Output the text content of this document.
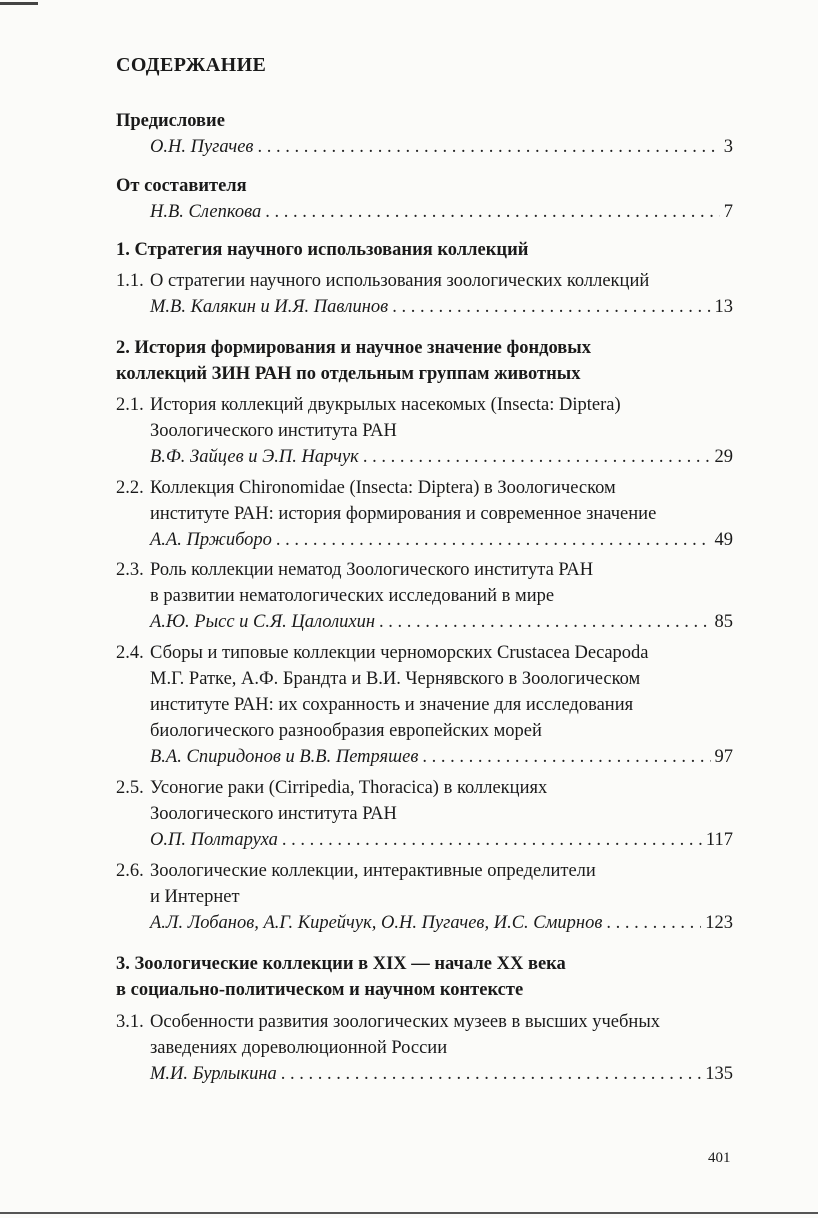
СОДЕРЖАНИЕ
Предисловие
О.Н. Пугачев . . .	3
От составителя
Н.В. Слепкова . . .	7
1. Стратегия научного использования коллекций
1.1. О стратегии научного использования зоологических коллекций
М.В. Калякин и И.Я. Павлинов . . .	13
2. История формирования и научное значение фондовых
коллекций ЗИН РАН по отдельным группам животных
2.1. История коллекций двукрылых насекомых (Insecta: Diptera)
Зоологического института РАН
В.Ф. Зайцев и Э.П. Нарчук . . .	29
2.2. Коллекция Chironomidae (Insecta: Diptera) в Зоологическом
институте РАН: история формирования и современное значение
А.А. Пржиборо . . .	49
2.3. Роль коллекции нематод Зоологического института РАН
в развитии нематологических исследований в мире
А.Ю. Рысс и С.Я. Цалолихин . . .	85
2.4. Сборы и типовые коллекции черноморских Crustacea Decapoda
М.Г. Ратке, А.Ф. Брандта и В.И. Чернявского в Зоологическом
институте РАН: их сохранность и значение для исследования
биологического разнообразия европейских морей
В.А. Спиридонов и В.В. Петряшев . . .	97
2.5. Усоногие раки (Cirripedia, Thoracica) в коллекциях
Зоологического института РАН
О.П. Полтаруха . . .	117
2.6. Зоологические коллекции, интерактивные определители
и Интернет
А.Л. Лобанов, А.Г. Кирейчук, О.Н. Пугачев, И.С. Смирнов . . .	123
3. Зоологические коллекции в XIX — начале XX века
в социально-политическом и научном контексте
3.1. Особенности развития зоологических музеев в высших учебных
заведениях дореволюционной России
М.И. Бурлыкина . . .	135
401
